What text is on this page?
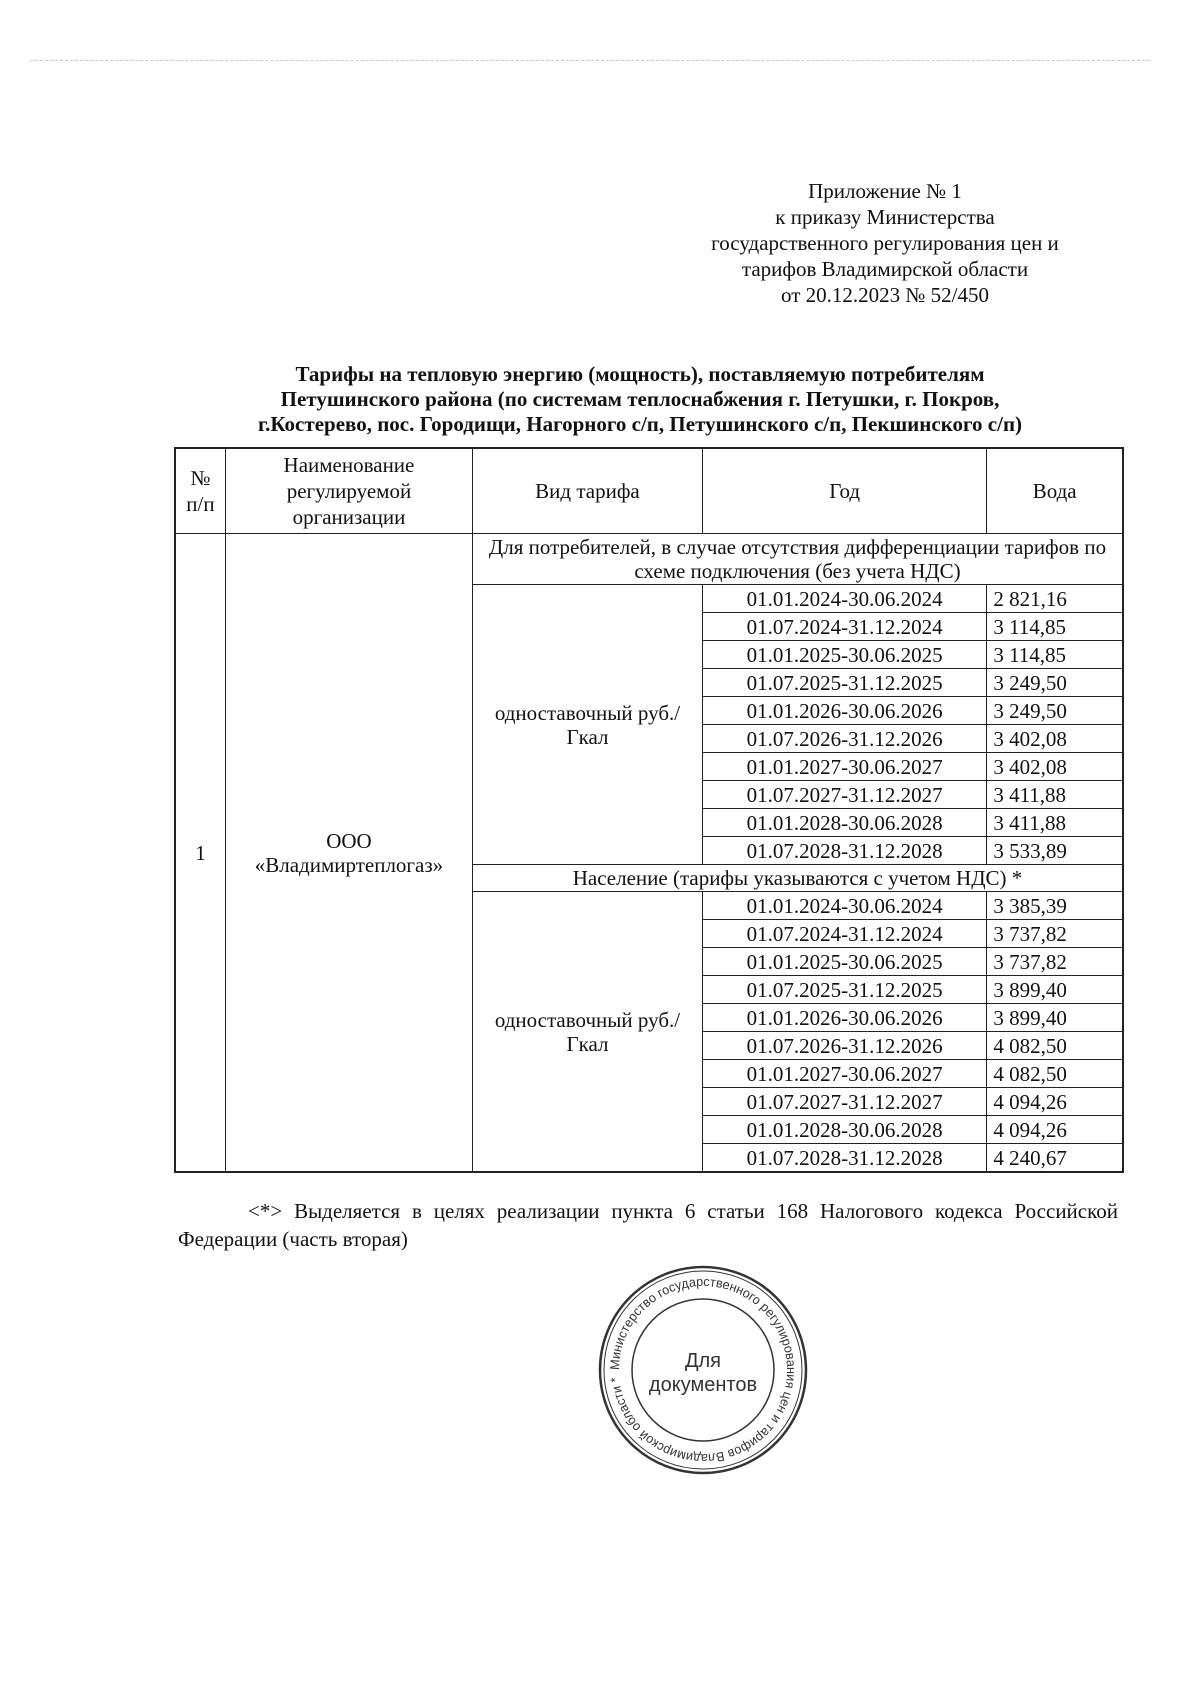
Приложение № 1
к приказу Министерства
государственного регулирования цен и
тарифов Владимирской области
от 20.12.2023 № 52/450
Тарифы на тепловую энергию (мощность), поставляемую потребителям
Петушинского района (по системам теплоснабжения г. Петушки, г. Покров,
г.Костерево, пос. Городищи, Нагорного с/п, Петушинского с/п, Пекшинского с/п)
№ п/п	Наименование регулируемой организации	Вид тарифа	Год	Вода
1	ООО «Владимиртеплогаз»	Для потребителей, в случае отсутствия дифференциации тарифов по схеме подключения (без учета НДС)		
		одноставочный руб./Гкал	01.01.2024-30.06.2024	2 821,16
			01.07.2024-31.12.2024	3 114,85
			01.01.2025-30.06.2025	3 114,85
			01.07.2025-31.12.2025	3 249,50
			01.01.2026-30.06.2026	3 249,50
			01.07.2026-31.12.2026	3 402,08
			01.01.2027-30.06.2027	3 402,08
			01.07.2027-31.12.2027	3 411,88
			01.01.2028-30.06.2028	3 411,88
			01.07.2028-31.12.2028	3 533,89
		Население (тарифы указываются с учетом НДС) *		
		одноставочный руб./Гкал	01.01.2024-30.06.2024	3 385,39
			01.07.2024-31.12.2024	3 737,82
			01.01.2025-30.06.2025	3 737,82
			01.07.2025-31.12.2025	3 899,40
			01.01.2026-30.06.2026	3 899,40
			01.07.2026-31.12.2026	4 082,50
			01.01.2027-30.06.2027	4 082,50
			01.07.2027-31.12.2027	4 094,26
			01.01.2028-30.06.2028	4 094,26
			01.07.2028-31.12.2028	4 240,67
<*> Выделяется в целях реализации пункта 6 статьи 168 Налогового кодекса Российской Федерации (часть вторая)
Министерство государственного регулирования цен и тарифов Владимирской области *
Для
документов
